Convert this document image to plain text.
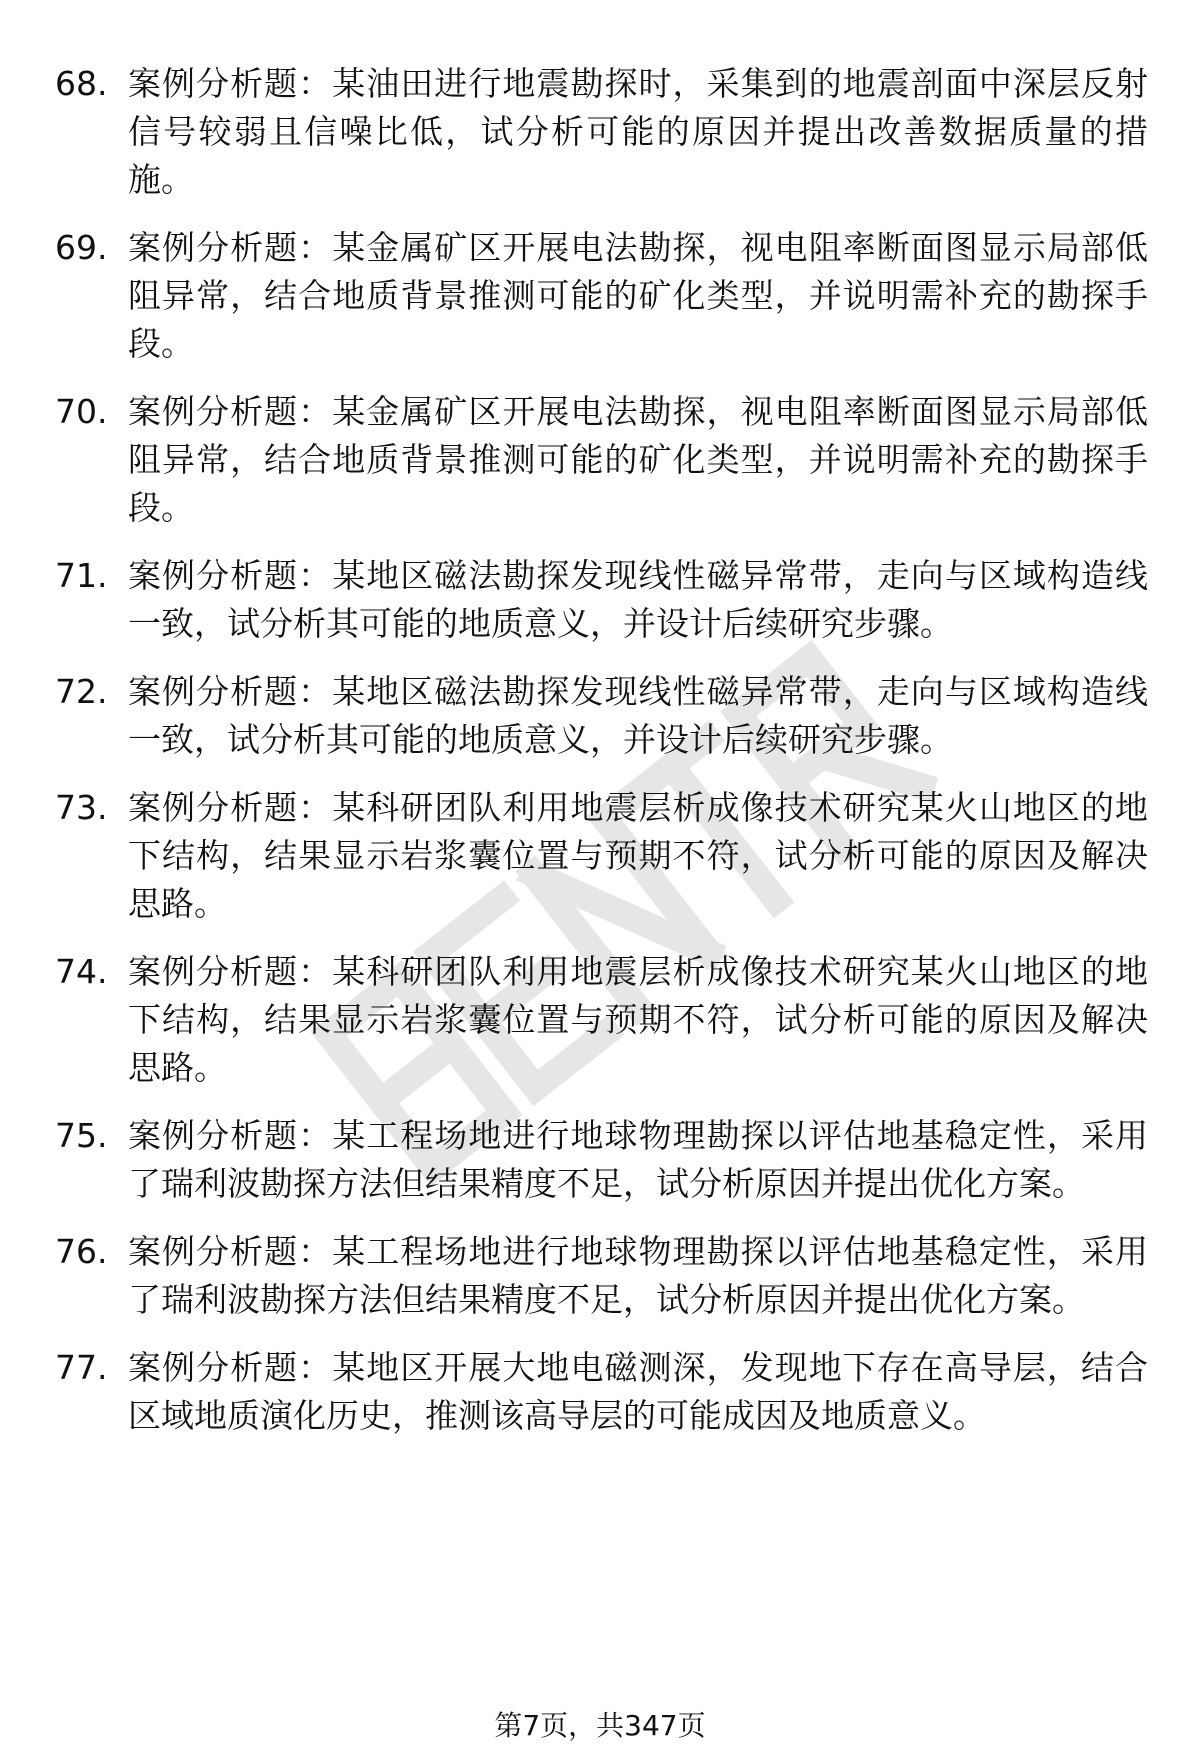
68. 案例分析题：某油田进行地震勘探时，采集到的地震剖面中深层反射信号较弱且信噪比低，试分析可能的原因并提出改善数据质量的措施。
69. 案例分析题：某金属矿区开展电法勘探，视电阻率断面图显示局部低阻异常，结合地质背景推测可能的矿化类型，并说明需补充的勘探手段。
70. 案例分析题：某金属矿区开展电法勘探，视电阻率断面图显示局部低阻异常，结合地质背景推测可能的矿化类型，并说明需补充的勘探手段。
71. 案例分析题：某地区磁法勘探发现线性磁异常带，走向与区域构造线一致，试分析其可能的地质意义，并设计后续研究步骤。
72. 案例分析题：某地区磁法勘探发现线性磁异常带，走向与区域构造线一致，试分析其可能的地质意义，并设计后续研究步骤。
73. 案例分析题：某科研团队利用地震层析成像技术研究某火山地区的地下结构，结果显示岩浆囊位置与预期不符，试分析可能的原因及解决思路。
74. 案例分析题：某科研团队利用地震层析成像技术研究某火山地区的地下结构，结果显示岩浆囊位置与预期不符，试分析可能的原因及解决思路。
75. 案例分析题：某工程场地进行地球物理勘探以评估地基稳定性，采用了瑞利波勘探方法但结果精度不足，试分析原因并提出优化方案。
76. 案例分析题：某工程场地进行地球物理勘探以评估地基稳定性，采用了瑞利波勘探方法但结果精度不足，试分析原因并提出优化方案。
77. 案例分析题：某地区开展大地电磁测深，发现地下存在高导层，结合区域地质演化历史，推测该高导层的可能成因及地质意义。
第7页，共347页
